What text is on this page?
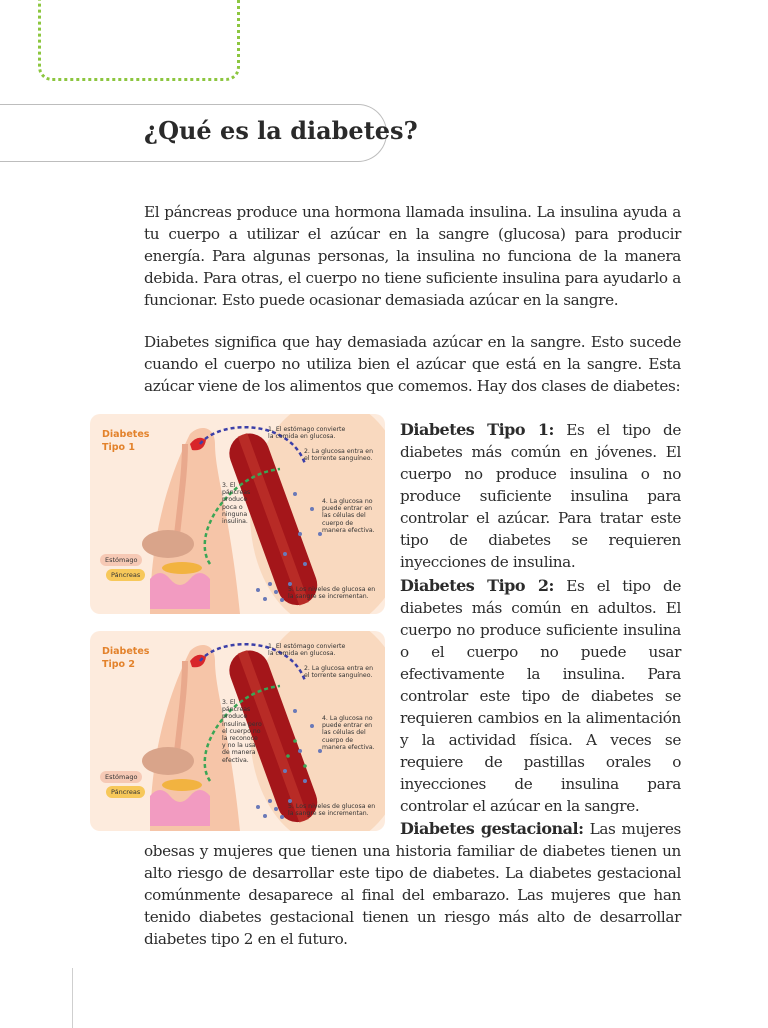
¿Qué es la diabetes?

El páncreas produce una hormona llamada insulina. La insulina ayuda a tu cuerpo a utilizar el azúcar en la sangre (glucosa) para producir energía. Para algunas personas, la insulina no funciona de la manera debida. Para otras, el cuerpo no tiene suficiente insulina para ayudarlo a funcionar. Esto puede ocasionar demasiada azúcar en la sangre.

Diabetes significa que hay demasiada azúcar en la sangre. Esto sucede cuando el cuerpo no utiliza bien el azúcar que está en la sangre. Esta azúcar viene de los alimentos que comemos. Hay dos clases de diabetes:

Diabetes
Tipo 1
1. El estómago convierte la comida en glucosa.
2. La glucosa entra en el torrente sanguíneo.
3. El páncreas produce poca o ninguna insulina.
4. La glucosa no puede entrar en las células del cuerpo de manera efectiva.
5. Los niveles de glucosa en la sangre se incrementan.
Estómago
Páncreas
Diabetes
Tipo 2
1. El estómago convierte la comida en glucosa.
2. La glucosa entra en el torrente sanguíneo.
3. El páncreas produce insulina pero el cuerpo no la reconoce y no la usa de manera efectiva.
4. La glucosa no puede entrar en las células del cuerpo de manera efectiva.
5. Los niveles de glucosa en la sangre se incrementan.
Estómago
Páncreas

Diabetes Tipo 1: Es el tipo de diabetes más común en jóvenes. El cuerpo no produce insulina o no produce suficiente insulina para controlar el azúcar. Para tratar este tipo de diabetes se requieren inyecciones de insulina.

Diabetes Tipo 2: Es el tipo de diabetes más común en adultos. El cuerpo no produce suficiente insulina o el cuerpo no puede usar efectivamente la insulina. Para controlar este tipo de diabetes se requieren cambios en la alimentación y la actividad física. A veces se requiere de pastillas orales o inyecciones de insulina para controlar el azúcar en la sangre.

Diabetes gestacional: Las mujeres obesas y mujeres que tienen una historia familiar de diabetes tienen un alto riesgo de desarrollar este tipo de diabetes. La diabetes gestacional comúnmente desaparece al final del embarazo. Las mujeres que han tenido diabetes gestacional tienen un riesgo más alto de desarrollar diabetes tipo 2 en el futuro.
